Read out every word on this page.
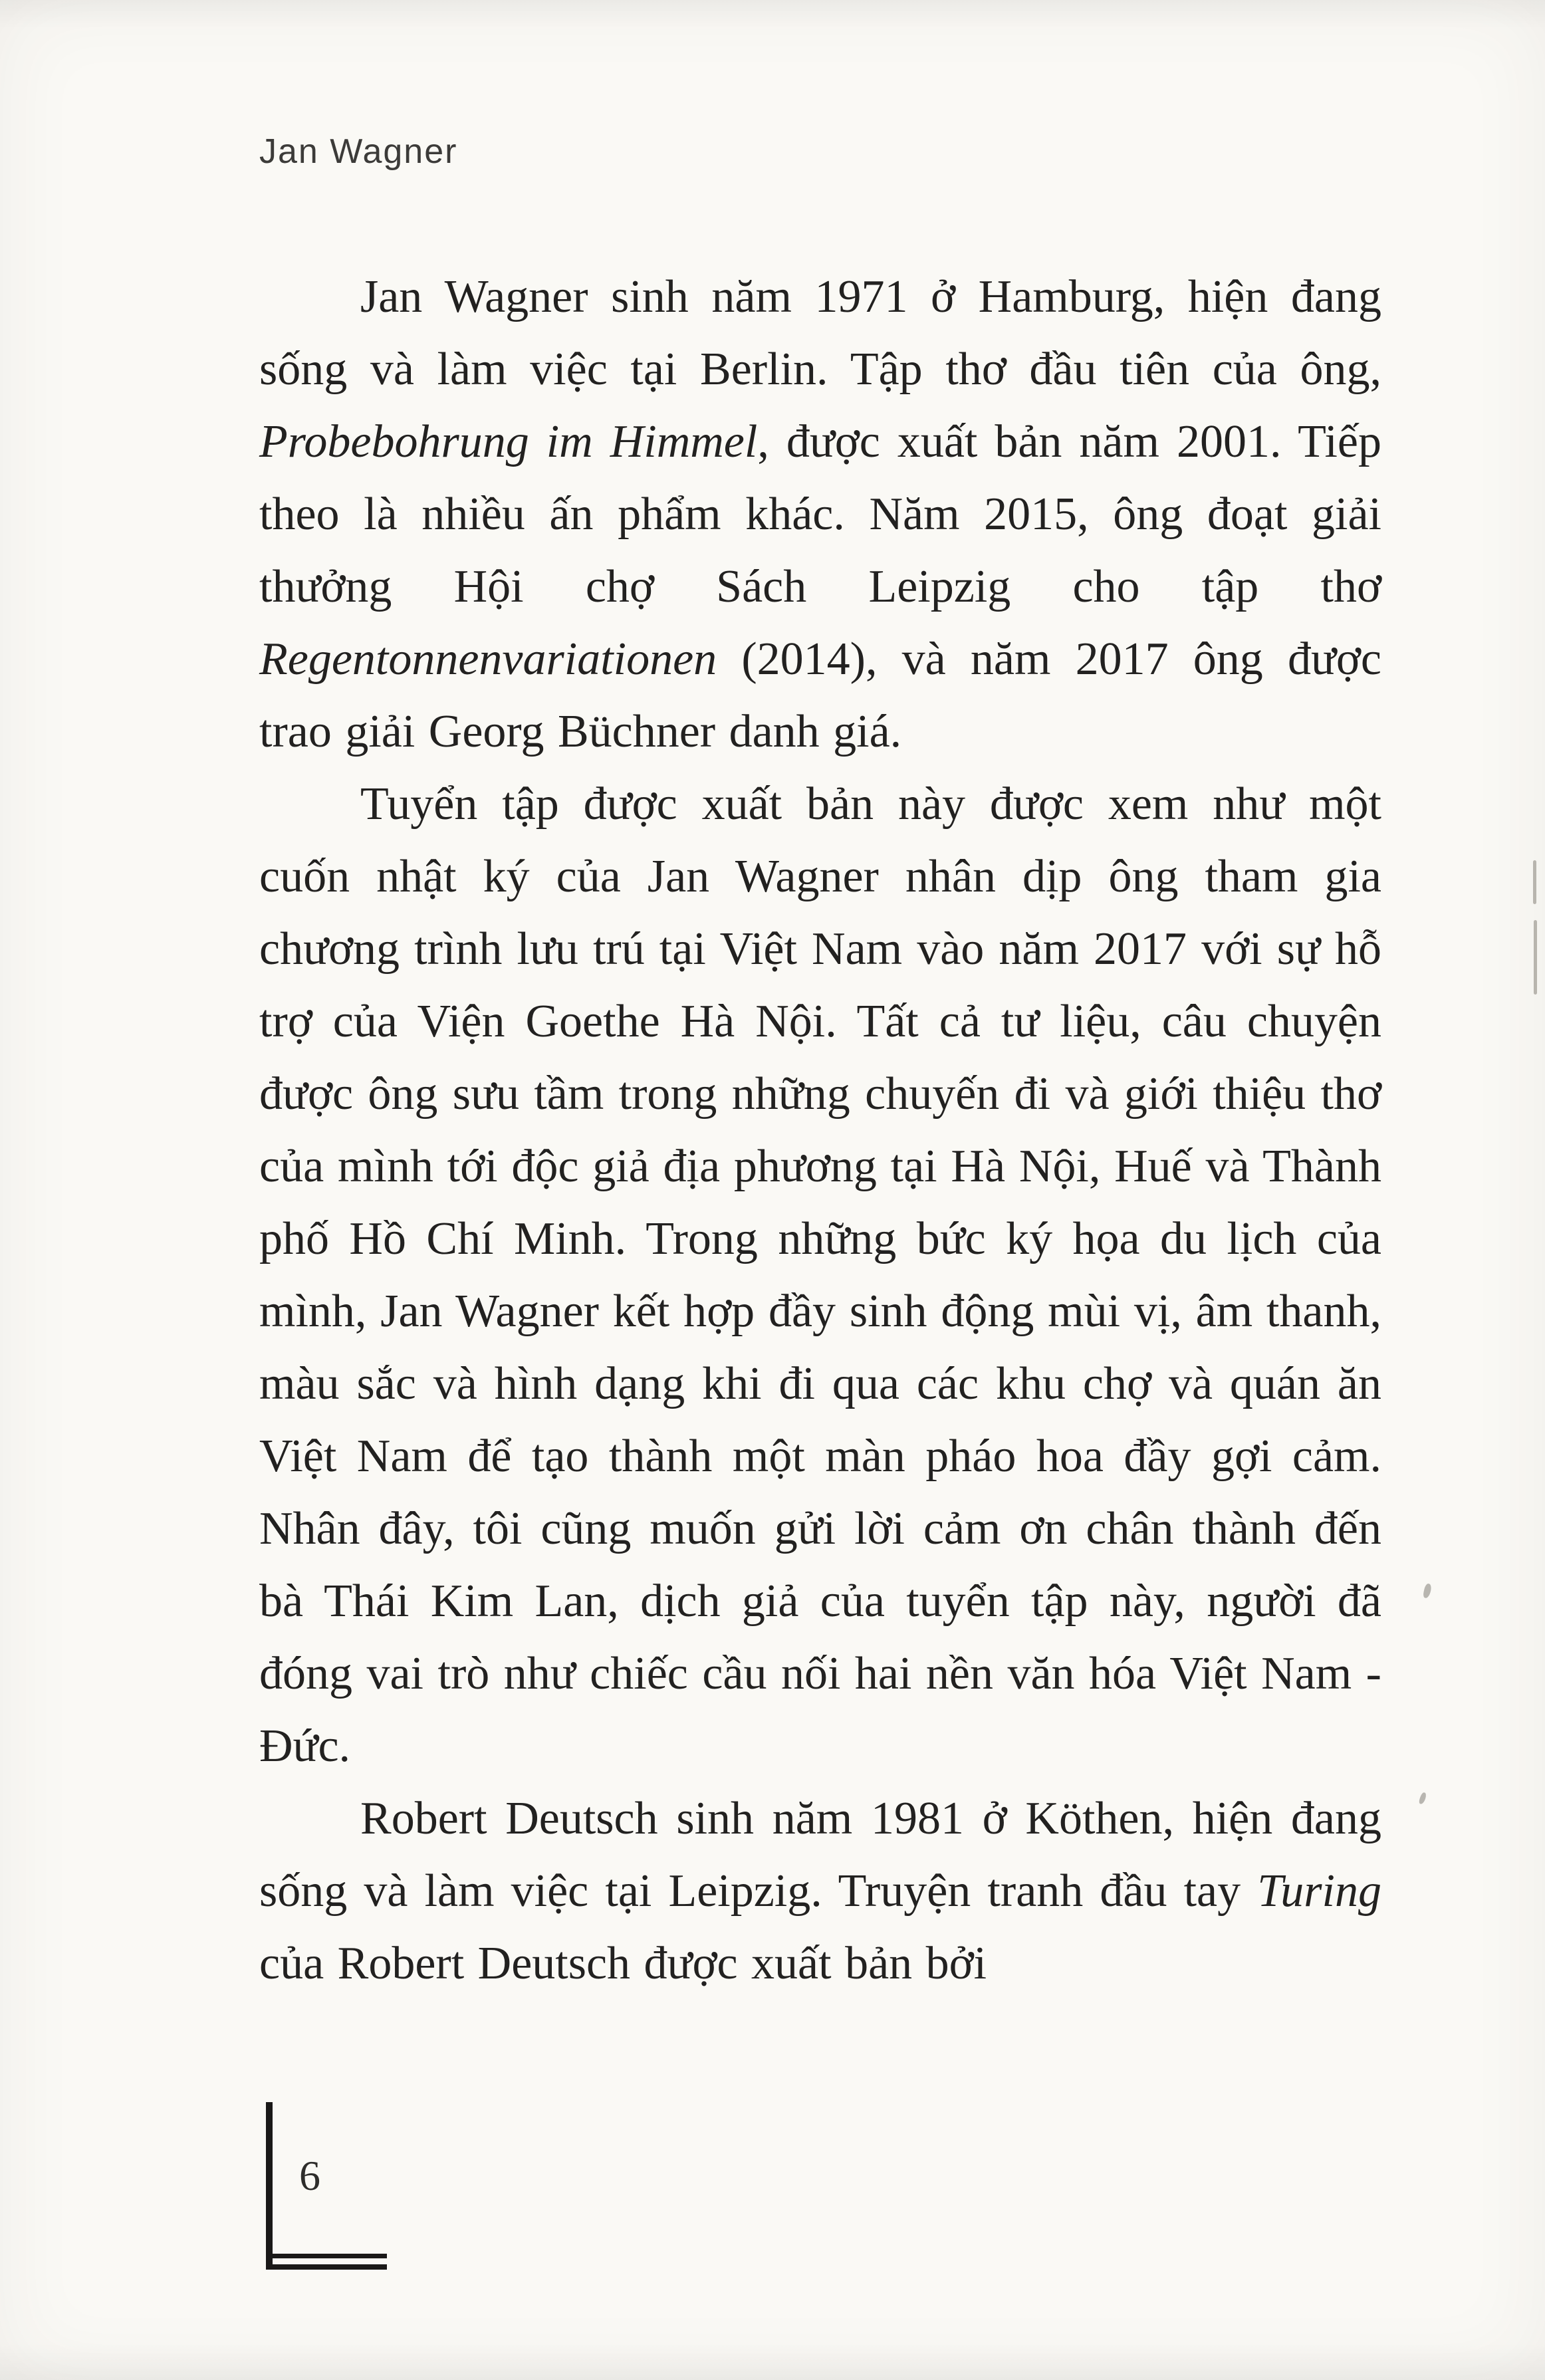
Jan Wagner

Jan Wagner sinh năm 1971 ở Hamburg, hiện đang sống và làm việc tại Berlin. Tập thơ đầu tiên của ông, Probebohrung im Himmel, được xuất bản năm 2001. Tiếp theo là nhiều ấn phẩm khác. Năm 2015, ông đoạt giải thưởng Hội chợ Sách Leipzig cho tập thơ Regentonnenvariationen (2014), và năm 2017 ông được trao giải Georg Büchner danh giá.

Tuyển tập được xuất bản này được xem như một cuốn nhật ký của Jan Wagner nhân dịp ông tham gia chương trình lưu trú tại Việt Nam vào năm 2017 với sự hỗ trợ của Viện Goethe Hà Nội. Tất cả tư liệu, câu chuyện được ông sưu tầm trong những chuyến đi và giới thiệu thơ của mình tới độc giả địa phương tại Hà Nội, Huế và Thành phố Hồ Chí Minh. Trong những bức ký họa du lịch của mình, Jan Wagner kết hợp đầy sinh động mùi vị, âm thanh, màu sắc và hình dạng khi đi qua các khu chợ và quán ăn Việt Nam để tạo thành một màn pháo hoa đầy gợi cảm. Nhân đây, tôi cũng muốn gửi lời cảm ơn chân thành đến bà Thái Kim Lan, dịch giả của tuyển tập này, người đã đóng vai trò như chiếc cầu nối hai nền văn hóa Việt Nam - Đức.

Robert Deutsch sinh năm 1981 ở Köthen, hiện đang sống và làm việc tại Leipzig. Truyện tranh đầu tay Turing của Robert Deutsch được xuất bản bởi

6
